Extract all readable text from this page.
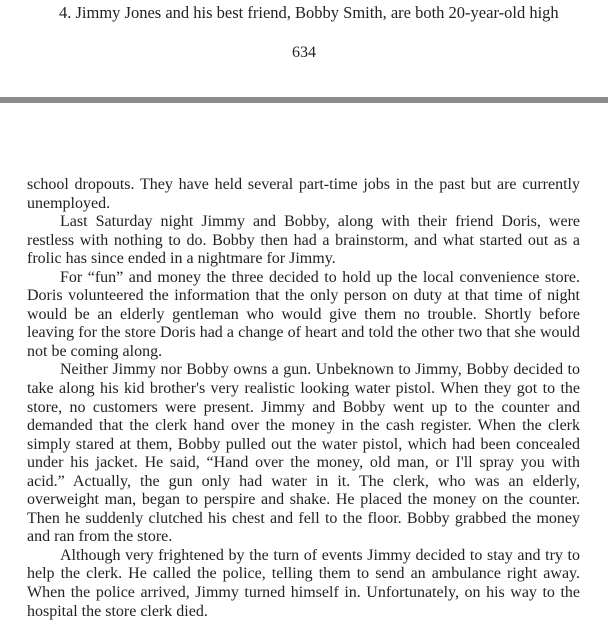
4. Jimmy Jones and his best friend, Bobby Smith, are both 20-year-old high
634

school dropouts. They have held several part-time jobs in the past but are currently unemployed.

Last Saturday night Jimmy and Bobby, along with their friend Doris, were restless with nothing to do. Bobby then had a brainstorm, and what started out as a frolic has since ended in a nightmare for Jimmy.

For “fun” and money the three decided to hold up the local convenience store. Doris volunteered the information that the only person on duty at that time of night would be an elderly gentleman who would give them no trouble. Shortly before leaving for the store Doris had a change of heart and told the other two that she would not be coming along.

Neither Jimmy nor Bobby owns a gun. Unbeknown to Jimmy, Bobby decided to take along his kid brother's very realistic looking water pistol. When they got to the store, no customers were present. Jimmy and Bobby went up to the counter and demanded that the clerk hand over the money in the cash register. When the clerk simply stared at them, Bobby pulled out the water pistol, which had been concealed under his jacket. He said, “Hand over the money, old man, or I'll spray you with acid.” Actually, the gun only had water in it. The clerk, who was an elderly, overweight man, began to perspire and shake. He placed the money on the counter. Then he suddenly clutched his chest and fell to the floor. Bobby grabbed the money and ran from the store.

Although very frightened by the turn of events Jimmy decided to stay and try to help the clerk. He called the police, telling them to send an ambulance right away. When the police arrived, Jimmy turned himself in. Unfortunately, on his way to the hospital the store clerk died.
